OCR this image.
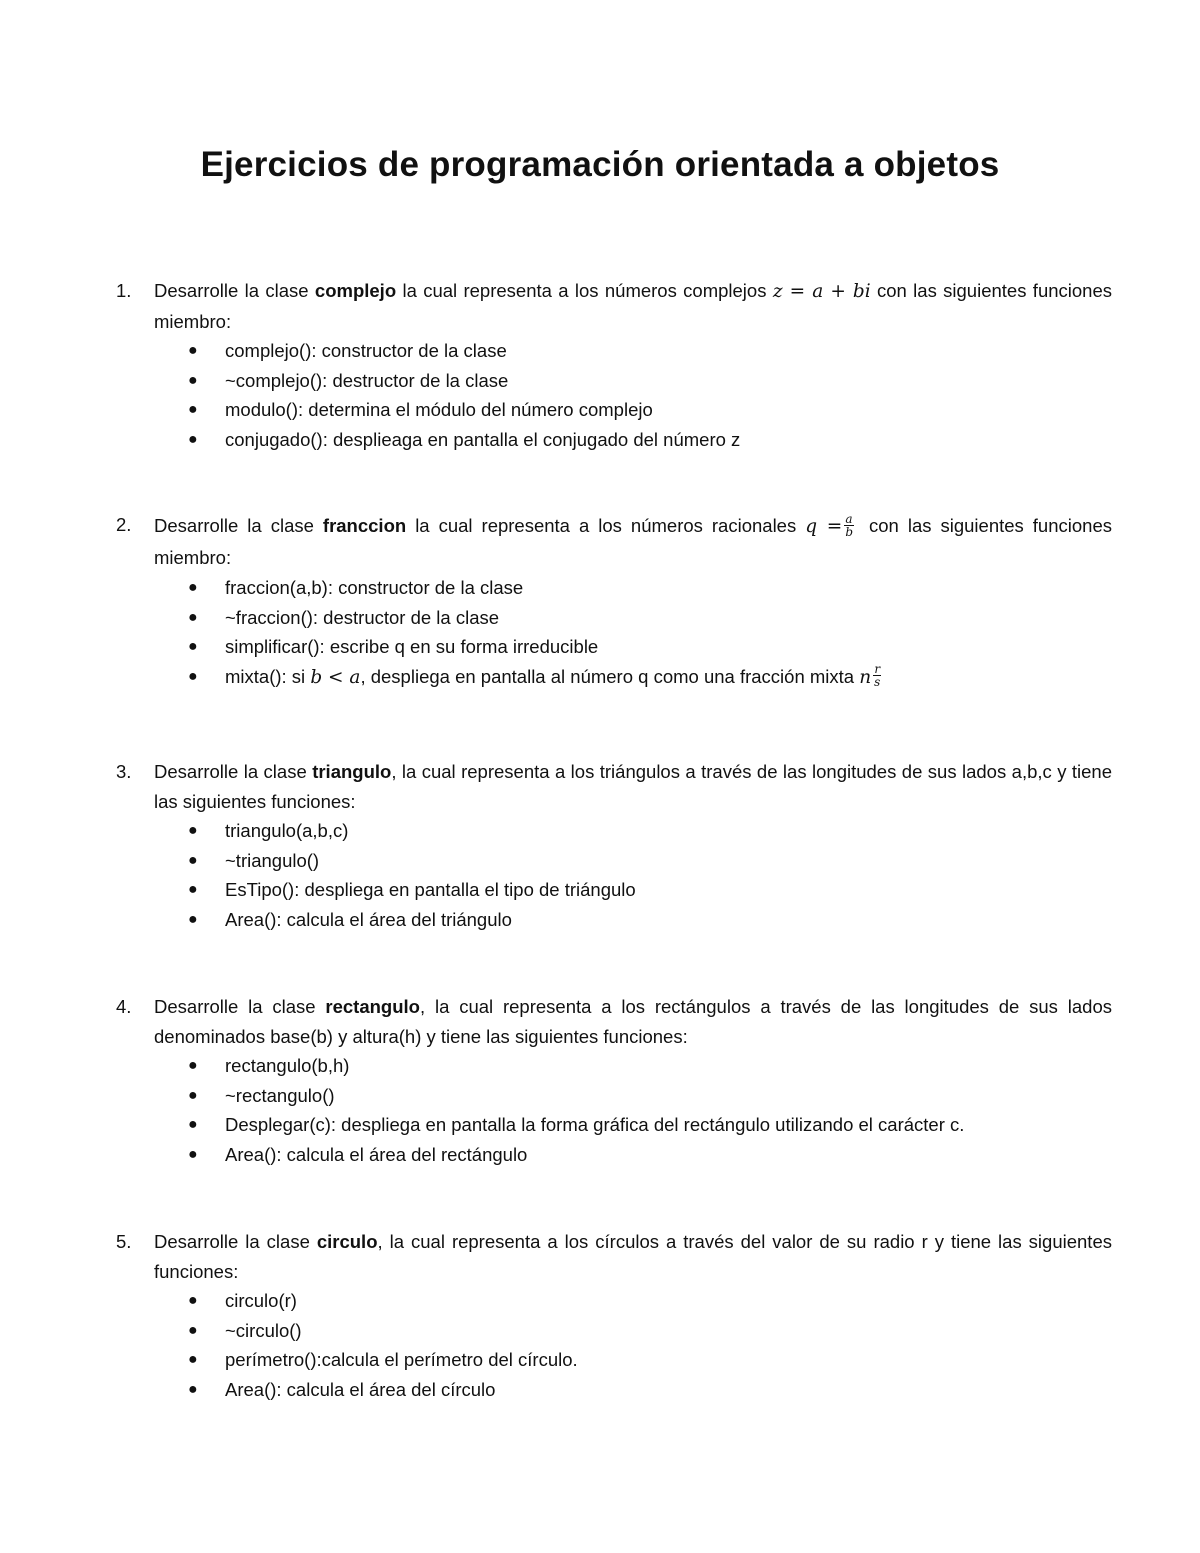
Ejercicios de programación orientada a objetos
1. Desarrolle la clase complejo la cual representa a los números complejos z = a + bi con las siguientes funciones miembro:
● complejo(): constructor de la clase
● ~complejo(): destructor de la clase
● modulo(): determina el módulo del número complejo
● conjugado(): desplieaga en pantalla el conjugado del número z
2. Desarrolle la clase franccion la cual representa a los números racionales $q = \frac{a}{b}$ con las siguientes funciones miembro:
● fraccion(a,b): constructor de la clase
● ~fraccion(): destructor de la clase
● simplificar(): escribe q en su forma irreducible
● mixta(): si b < a, despliega en pantalla al número q como una fracción mixta n $\frac{r}{s}$
3. Desarrolle la clase triangulo, la cual representa a los triángulos a través de las longitudes de sus lados a,b,c y tiene las siguientes funciones:
● triangulo(a,b,c)
● ~triangulo()
● EsTipo(): despliega en pantalla el tipo de triángulo
● Area(): calcula el área del triángulo
4. Desarrolle la clase rectangulo, la cual representa a los rectángulos a través de las longitudes de sus lados denominados base(b) y altura(h) y tiene las siguientes funciones:
● rectangulo(b,h)
● ~rectangulo()
● Desplegar(c): despliega en pantalla la forma gráfica del rectángulo utilizando el carácter c.
● Area(): calcula el área del rectángulo
5. Desarrolle la clase circulo, la cual representa a los círculos a través del valor de su radio r y tiene las siguientes funciones:
● circulo(r)
● ~circulo()
● perímetro():calcula el perímetro del círculo.
● Area(): calcula el área del círculo
